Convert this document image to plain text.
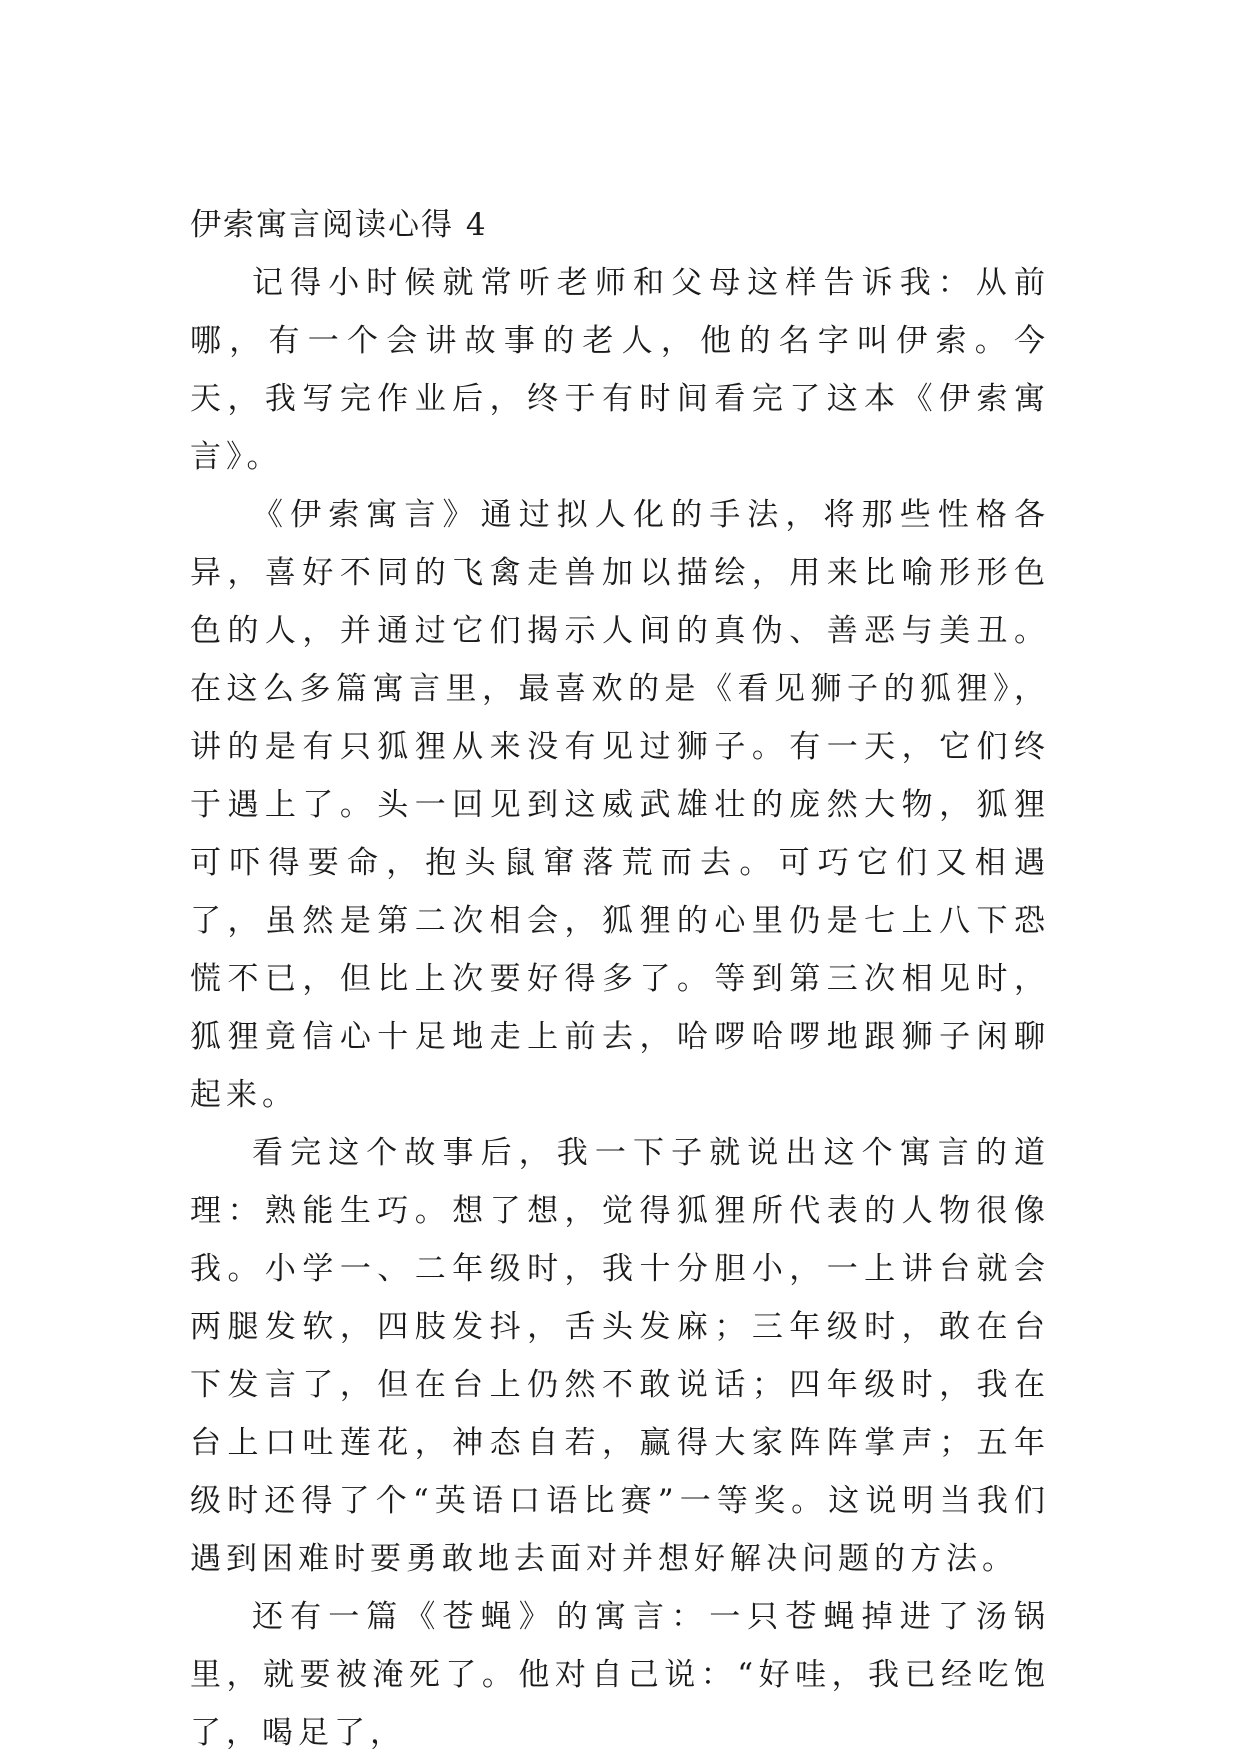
伊索寓言阅读心得 4

记得小时候就常听老师和父母这样告诉我：从前哪，有一个会讲故事的老人，他的名字叫伊索。今天，我写完作业后，终于有时间看完了这本《伊索寓言》。

《伊索寓言》通过拟人化的手法，将那些性格各异，喜好不同的飞禽走兽加以描绘，用来比喻形形色色的人，并通过它们揭示人间的真伪、善恶与美丑。在这么多篇寓言里，最喜欢的是《看见狮子的狐狸》，讲的是有只狐狸从来没有见过狮子。有一天，它们终于遇上了。头一回见到这威武雄壮的庞然大物，狐狸可吓得要命，抱头鼠窜落荒而去。可巧它们又相遇了，虽然是第二次相会，狐狸的心里仍是七上八下恐慌不已，但比上次要好得多了。等到第三次相见时，狐狸竟信心十足地走上前去，哈啰哈啰地跟狮子闲聊起来。

看完这个故事后，我一下子就说出这个寓言的道理：熟能生巧。想了想，觉得狐狸所代表的人物很像我。小学一、二年级时，我十分胆小，一上讲台就会两腿发软，四肢发抖，舌头发麻；三年级时，敢在台下发言了，但在台上仍然不敢说话；四年级时，我在台上口吐莲花，神态自若，赢得大家阵阵掌声；五年级时还得了个“英语口语比赛”一等奖。这说明当我们遇到困难时要勇敢地去面对并想好解决问题的方法。

还有一篇《苍蝇》的寓言：一只苍蝇掉进了汤锅里，就要被淹死了。他对自己说：“好哇，我已经吃饱了，喝足了，
